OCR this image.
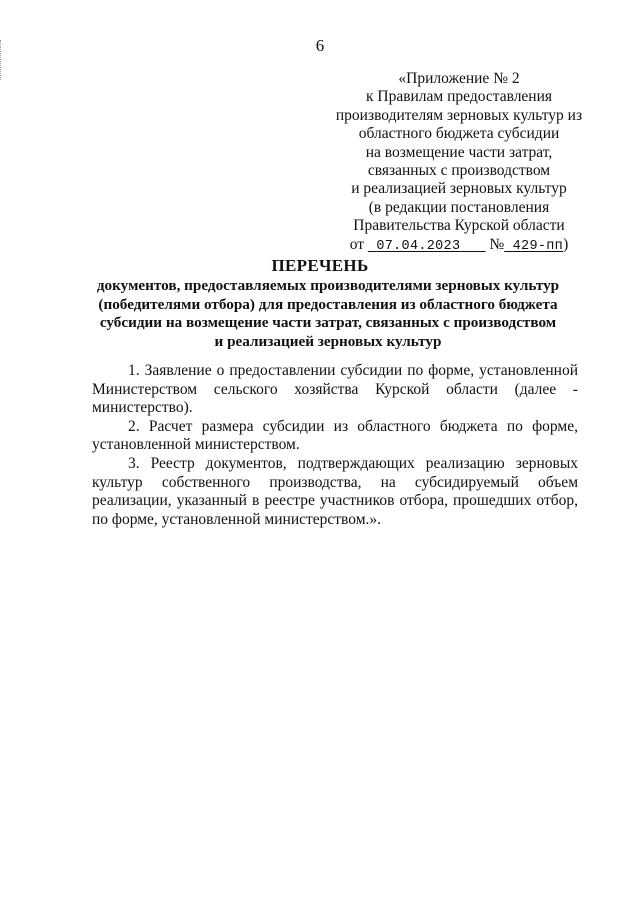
6
«Приложение № 2
к Правилам предоставления
производителям зерновых культур из
областного бюджета субсидии
на возмещение части затрат,
связанных с производством
и реализацией зерновых культур
(в редакции постановления
Правительства Курской области
от 07.04.2023 № 429-пп)
ПЕРЕЧЕНЬ
документов, предоставляемых производителями зерновых культур
(победителями отбора) для предоставления из областного бюджета
субсидии на возмещение части затрат, связанных с производством
и реализацией зерновых культур

1. Заявление о предоставлении субсидии по форме, установленной Министерством сельского хозяйства Курской области (далее - министерство).

2. Расчет размера субсидии из областного бюджета по форме, установленной министерством.

3. Реестр документов, подтверждающих реализацию зерновых культур собственного производства, на субсидируемый объем реализации, указанный в реестре участников отбора, прошедших отбор, по форме, установленной министерством.».
